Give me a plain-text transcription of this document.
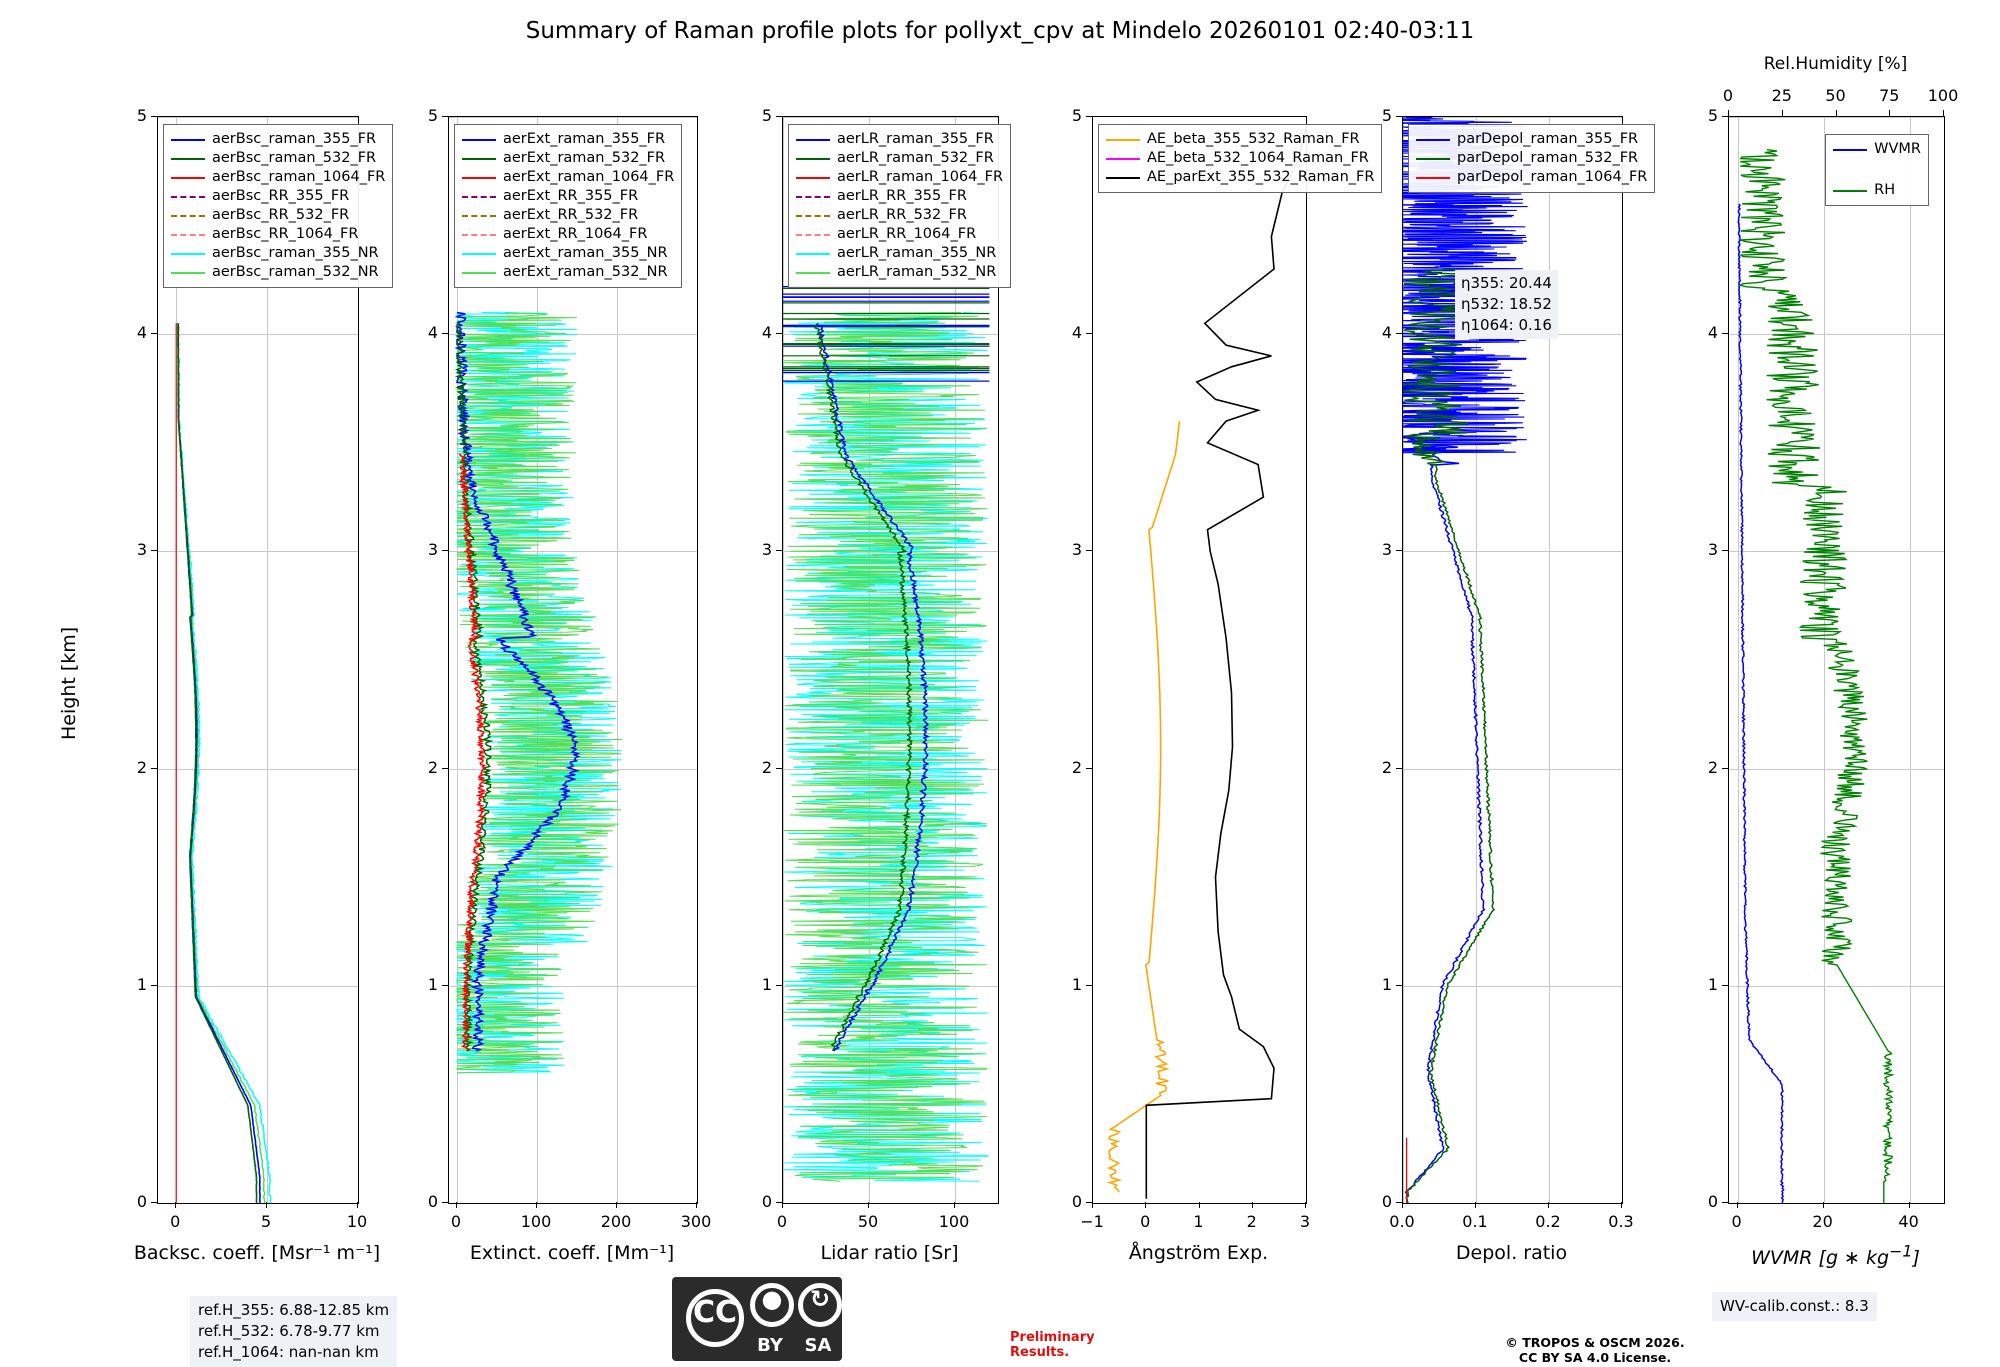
Summary of Raman profile plots for pollyxt_cpv at Mindelo 20260101 02:40-03:11
0
1
2
3
4
5
0	5	10
Backsc. coeff. [Msr⁻¹ m⁻¹]
aerBsc_raman_355_FR
aerBsc_raman_532_FR
aerBsc_raman_1064_FR
aerBsc_RR_355_FR
aerBsc_RR_532_FR
aerBsc_RR_1064_FR
aerBsc_raman_355_NR
aerBsc_raman_532_NR
0
1
2
3
4
5
0	100	200	300
Extinct. coeff. [Mm⁻¹]
aerExt_raman_355_FR
aerExt_raman_532_FR
aerExt_raman_1064_FR
aerExt_RR_355_FR
aerExt_RR_532_FR
aerExt_RR_1064_FR
aerExt_raman_355_NR
aerExt_raman_532_NR
0
1
2
3
4
5
0	50	100
Lidar ratio [Sr]
aerLR_raman_355_FR
aerLR_raman_532_FR
aerLR_raman_1064_FR
aerLR_RR_355_FR
aerLR_RR_532_FR
aerLR_RR_1064_FR
aerLR_raman_355_NR
aerLR_raman_532_NR
0
1
2
3
4
5
−1	0	1	2	3
Ångström Exp.
AE_beta_355_532_Raman_FR
AE_beta_532_1064_Raman_FR
AE_parExt_355_532_Raman_FR
0
1
2
3
4
5
0.0	0.1	0.2	0.3
Depol. ratio
parDepol_raman_355_FR
parDepol_raman_532_FR
parDepol_raman_1064_FR
0
1
2
3
4
5
0	20	40
0	25	50	75	100
Rel.Humidity [%]
WVMR [g ∗ $kg^{-1}$]
WVMR
RH
Height [km]
η355: 20.44
η532: 18.52
η1064: 0.16
ref.H_355: 6.88-12.85 km
ref.H_532: 6.78-9.77 km
ref.H_1064: nan-nan km
WV-calib.const.: 8.3
Preliminary
Results.
© TROPOS & OSCM 2026.
CC BY SA 4.0 License.
CC	●	↻
BY	SA
